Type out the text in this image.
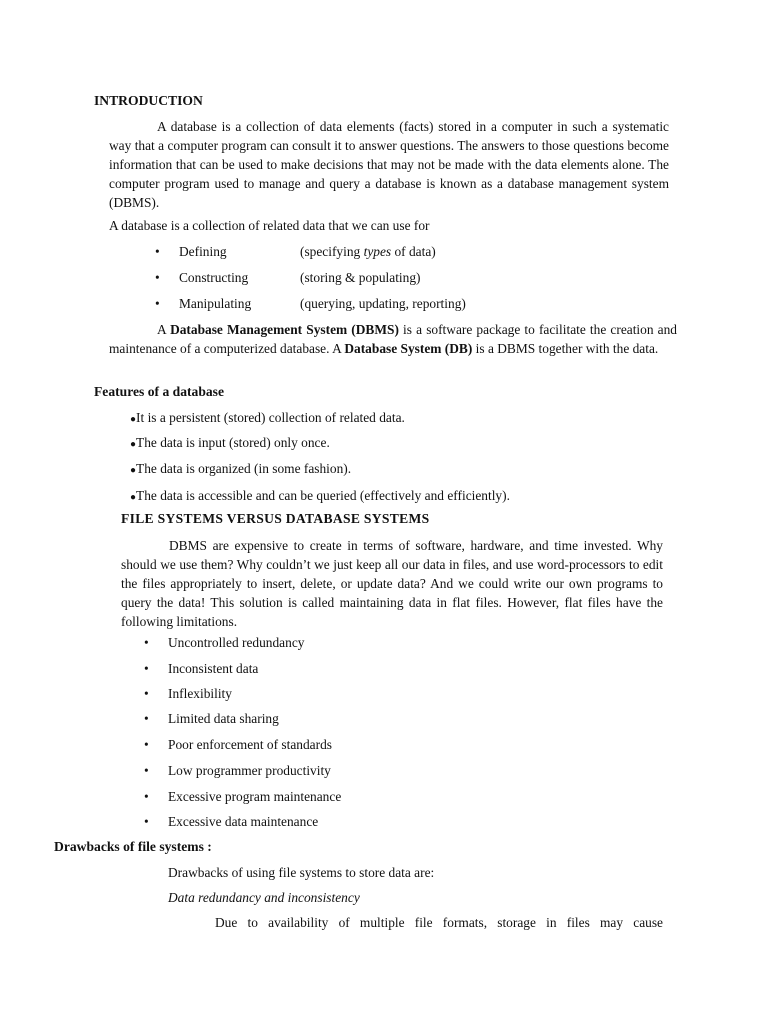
INTRODUCTION
A database is a collection of data elements (facts) stored in a computer in such a systematic way that a computer program can consult it to answer questions. The answers to those questions become information that can be used to make decisions that may not be made with the data elements alone. The computer program used to manage and query a database is known as a database management system (DBMS).
A database is a collection of related data that we can use for
• Defining	(specifying types of data)
• Constructing	(storing & populating)
• Manipulating	(querying, updating, reporting)
A Database Management System (DBMS) is a software package to facilitate the creation and maintenance of a computerized database. A Database System (DB) is a DBMS together with the data.
Features of a database
●It is a persistent (stored) collection of related data.
●The data is input (stored) only once.
●The data is organized (in some fashion).
●The data is accessible and can be queried (effectively and efficiently).
FILE SYSTEMS VERSUS DATABASE SYSTEMS
DBMS are expensive to create in terms of software, hardware, and time invested. Why should we use them? Why couldn’t we just keep all our data in files, and use word-processors to edit the files appropriately to insert, delete, or update data? And we could write our own programs to query the data! This solution is called maintaining data in flat files. However, flat files have the following limitations.
• Uncontrolled redundancy
• Inconsistent data
• Inflexibility
• Limited data sharing
• Poor enforcement of standards
• Low programmer productivity
• Excessive program maintenance
• Excessive data maintenance
Drawbacks of file systems :
Drawbacks of using file systems to store data are:
Data redundancy and inconsistency
Due to availability of multiple file formats, storage in files may cause
